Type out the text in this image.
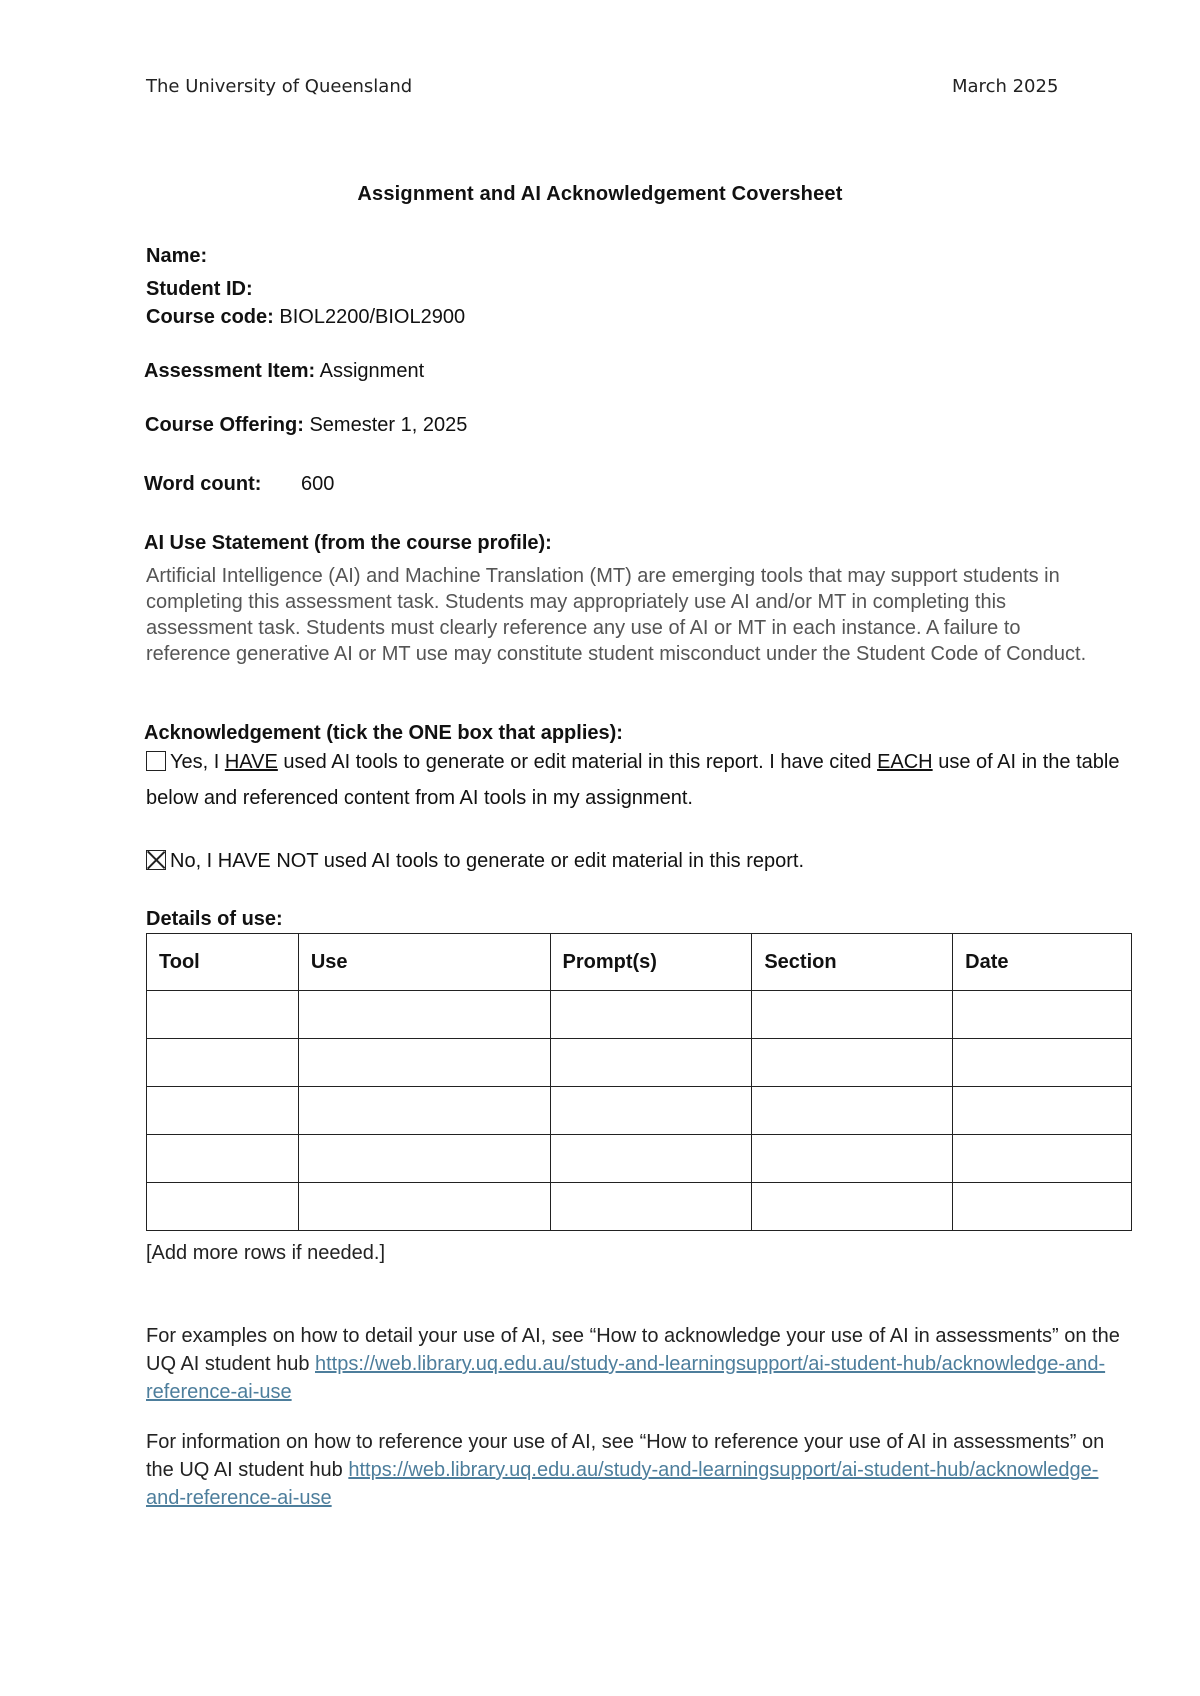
The University of Queensland	March 2025
Assignment and AI Acknowledgement Coversheet
Name:
Student ID:
Course code: BIOL2200/BIOL2900
Assessment Item: Assignment
Course Offering: Semester 1, 2025
Word count: 600
AI Use Statement (from the course profile):
Artificial Intelligence (AI) and Machine Translation (MT) are emerging tools that may support students in completing this assessment task. Students may appropriately use AI and/or MT in completing this assessment task. Students must clearly reference any use of AI or MT in each instance. A failure to reference generative AI or MT use may constitute student misconduct under the Student Code of Conduct.
Acknowledgement (tick the ONE box that applies):
Yes, I HAVE used AI tools to generate or edit material in this report. I have cited EACH use of AI in the table below and referenced content from AI tools in my assignment.
No, I HAVE NOT used AI tools to generate or edit material in this report.
Details of use:
Tool	Use	Prompt(s)	Section	Date

[Add more rows if needed.]
For examples on how to detail your use of AI, see “How to acknowledge your use of AI in assessments” on the UQ AI student hub https://web.library.uq.edu.au/study-and-learningsupport/ai-student-hub/acknowledge-and-reference-ai-use
For information on how to reference your use of AI, see “How to reference your use of AI in assessments” on the UQ AI student hub https://web.library.uq.edu.au/study-and-learningsupport/ai-student-hub/acknowledge-and-reference-ai-use
